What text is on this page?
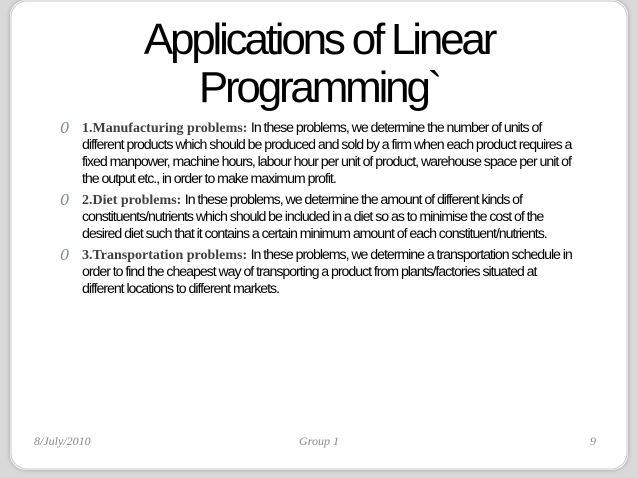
Applications of Linear
Programming`
0 1.Manufacturing problems: In these problems, we determine the number of units of different products which should be produced and sold by a firm when each product requires a fixed manpower, machine hours, labour hour per unit of product, warehouse space per unit of the output etc., in order to make maximum profit.
0 2.Diet problems: In these problems, we determine the amount of different kinds of constituents/nutrients which should be included in a diet so as to minimise the cost of the desired diet such that it contains a certain minimum amount of each constituent/nutrients.
0 3.Transportation problems: In these problems, we determine a transportation schedule in order to find the cheapest way of transporting a product from plants/factories situated at different locations to different markets.
8/July/2010	Group 1	9
